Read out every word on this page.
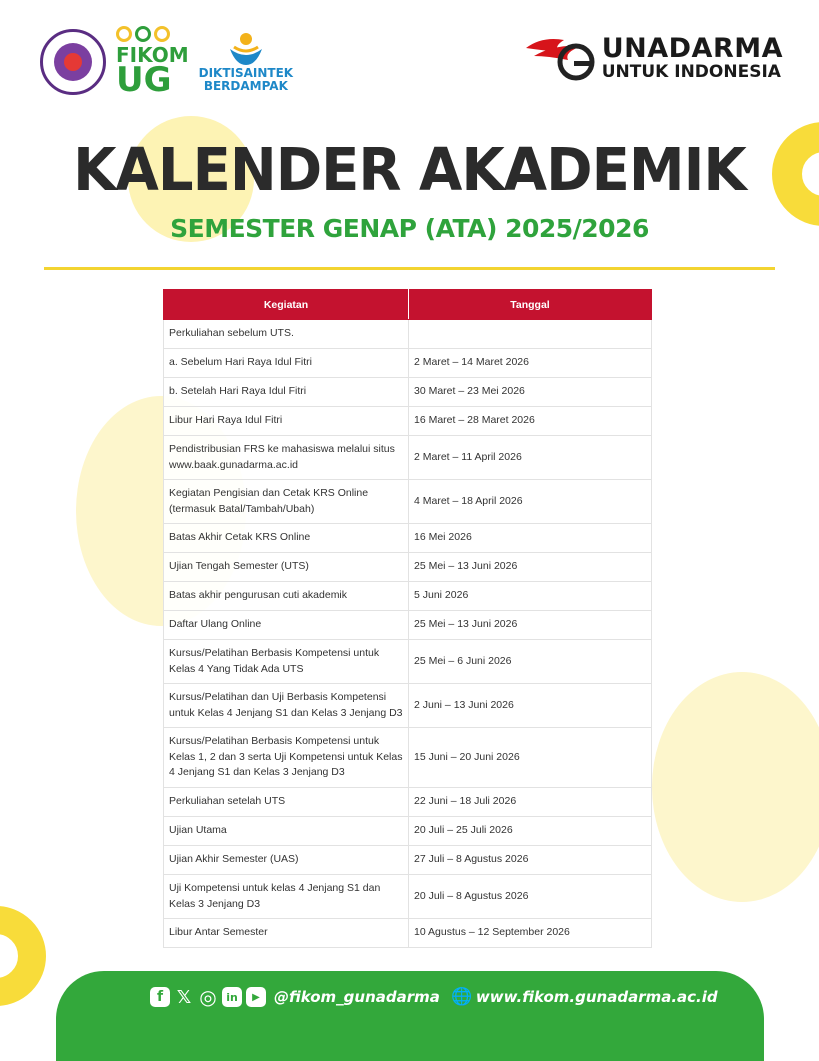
FIKOM
UG	DIKTISAINTEK
BERDAMPAK
UNADARMA
UNTUK INDONESIA
KALENDER AKADEMIK
SEMESTER GENAP (ATA) 2025/2026
Kegiatan	Tanggal
Perkuliahan sebelum UTS.	
a. Sebelum Hari Raya Idul Fitri	2 Maret – 14 Maret 2026
b. Setelah Hari Raya Idul Fitri	30 Maret – 23 Mei 2026
Libur Hari Raya Idul Fitri	16 Maret – 28 Maret 2026
Pendistribusian FRS ke mahasiswa melalui situs www.baak.gunadarma.ac.id	2 Maret – 11 April 2026
Kegiatan Pengisian dan Cetak KRS Online (termasuk Batal/Tambah/Ubah)	4 Maret – 18 April 2026
Batas Akhir Cetak KRS Online	16 Mei 2026
Ujian Tengah Semester (UTS)	25 Mei – 13 Juni 2026
Batas akhir pengurusan cuti akademik	5 Juni 2026
Daftar Ulang Online	25 Mei – 13 Juni 2026
Kursus/Pelatihan Berbasis Kompetensi untuk Kelas 4 Yang Tidak Ada UTS	25 Mei – 6 Juni 2026
Kursus/Pelatihan dan Uji Berbasis Kompetensi untuk Kelas 4 Jenjang S1 dan Kelas 3 Jenjang D3	2 Juni – 13 Juni 2026
Kursus/Pelatihan Berbasis Kompetensi untuk Kelas 1, 2 dan 3 serta Uji Kompetensi untuk Kelas 4 Jenjang S1 dan Kelas 3 Jenjang D3	15 Juni – 20 Juni 2026
Perkuliahan setelah UTS	22 Juni – 18 Juli 2026
Ujian Utama	20 Juli – 25 Juli 2026
Ujian Akhir Semester (UAS)	27 Juli – 8 Agustus 2026
Uji Kompetensi untuk kelas 4 Jenjang S1 dan Kelas 3 Jenjang D3	20 Juli – 8 Agustus 2026
Libur Antar Semester	10 Agustus – 12 September 2026
f 𝕏 ◎ in	▶ @fikom_gunadarma 🌐 www.fikom.gunadarma.ac.id
